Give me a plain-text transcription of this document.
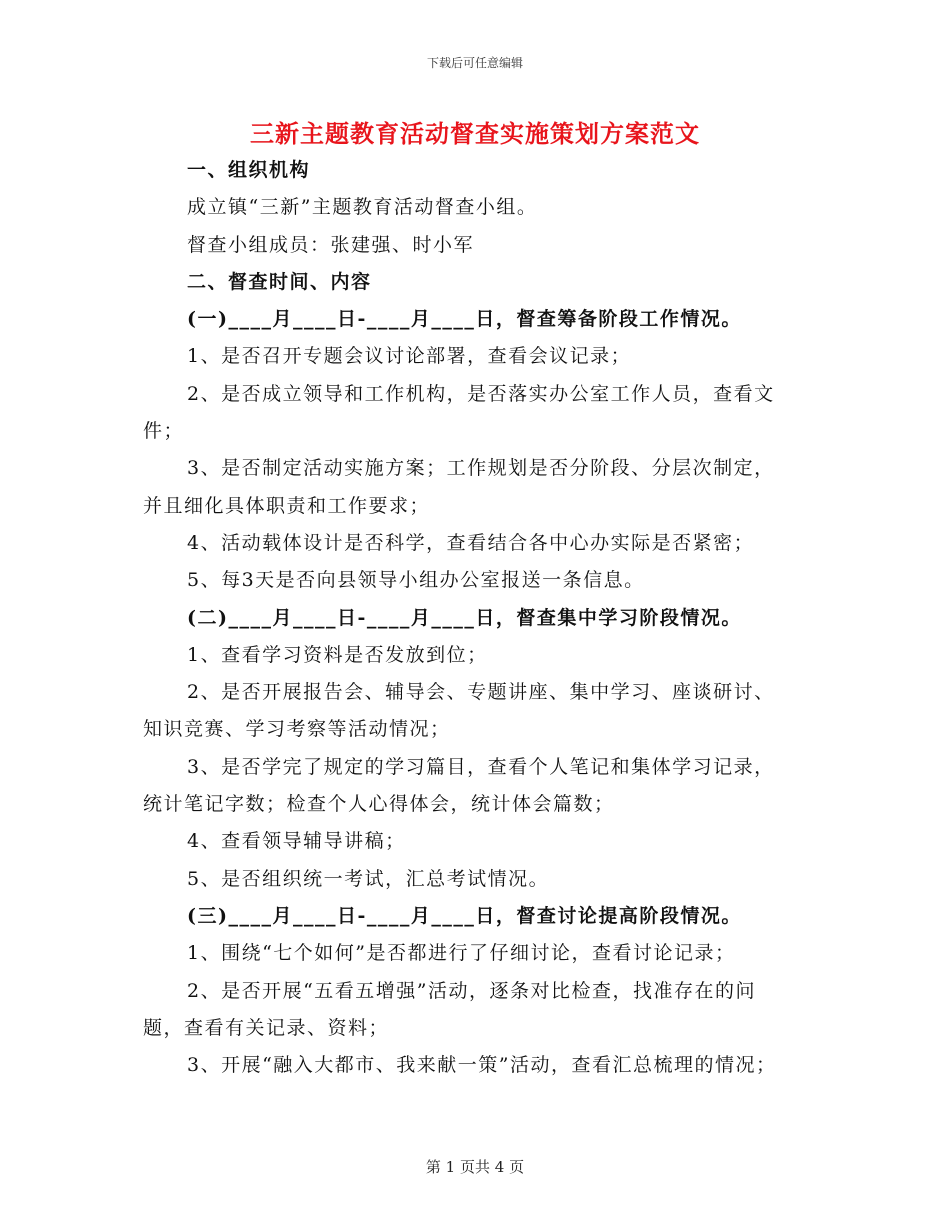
下载后可任意编辑
三新主题教育活动督查实施策划方案范文
一、组织机构
成立镇“三新”主题教育活动督查小组。
督查小组成员：张建强、时小军
二、督查时间、内容
(一)____月____日-____月____日，督查筹备阶段工作情况。
1、是否召开专题会议讨论部署，查看会议记录；
2、是否成立领导和工作机构，是否落实办公室工作人员，查看文
件；
3、是否制定活动实施方案；工作规划是否分阶段、分层次制定，
并且细化具体职责和工作要求；
4、活动载体设计是否科学，查看结合各中心办实际是否紧密；
5、每3天是否向县领导小组办公室报送一条信息。
(二)____月____日-____月____日，督查集中学习阶段情况。
1、查看学习资料是否发放到位；
2、是否开展报告会、辅导会、专题讲座、集中学习、座谈研讨、
知识竞赛、学习考察等活动情况；
3、是否学完了规定的学习篇目，查看个人笔记和集体学习记录，
统计笔记字数；检查个人心得体会，统计体会篇数；
4、查看领导辅导讲稿；
5、是否组织统一考试，汇总考试情况。
(三)____月____日-____月____日，督查讨论提高阶段情况。
1、围绕“七个如何”是否都进行了仔细讨论，查看讨论记录；
2、是否开展“五看五增强”活动，逐条对比检查，找准存在的问
题，查看有关记录、资料；
3、开展“融入大都市、我来献一策”活动，查看汇总梳理的情况；
第 1 页共 4 页
